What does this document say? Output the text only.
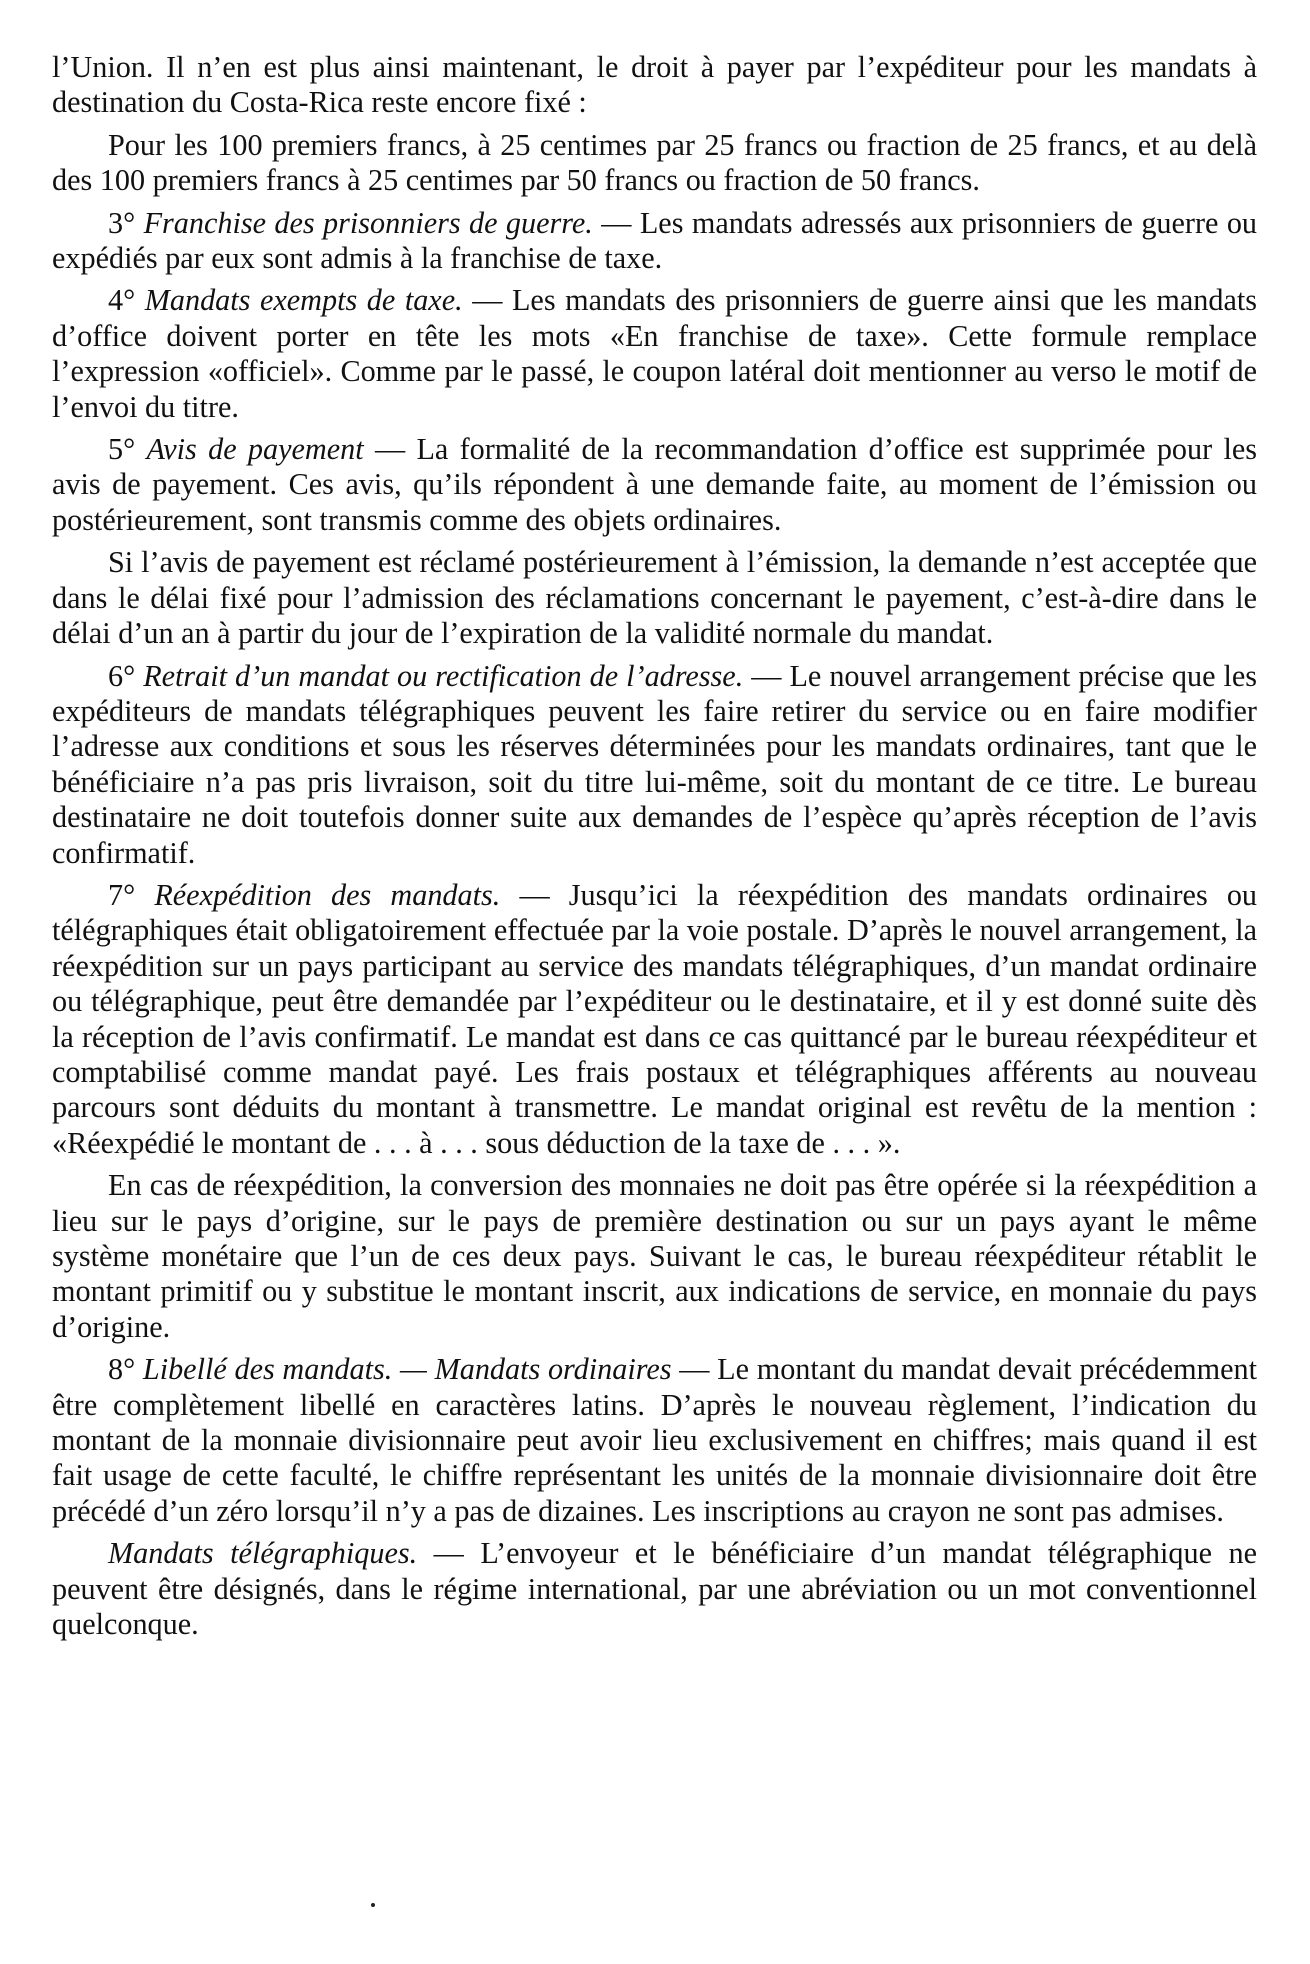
l’Union. Il n’en est plus ainsi maintenant, le droit à payer par l’expéditeur pour les mandats à destination du Costa-Rica reste encore fixé :

Pour les 100 premiers francs, à 25 centimes par 25 francs ou fraction de 25 francs, et au delà des 100 premiers francs à 25 centimes par 50 francs ou fraction de 50 francs.

3° Franchise des prisonniers de guerre. — Les mandats adressés aux prisonniers de guerre ou expédiés par eux sont admis à la franchise de taxe.

4° Mandats exempts de taxe. — Les mandats des prisonniers de guerre ainsi que les mandats d’office doivent porter en tête les mots «En franchise de taxe». Cette formule remplace l’expression «officiel». Comme par le passé, le coupon latéral doit mentionner au verso le motif de l’envoi du titre.

5° Avis de payement — La formalité de la recommandation d’office est supprimée pour les avis de payement. Ces avis, qu’ils répondent à une demande faite, au moment de l’émission ou postérieurement, sont transmis comme des objets ordinaires.

Si l’avis de payement est réclamé postérieurement à l’émission, la demande n’est acceptée que dans le délai fixé pour l’admission des réclamations concernant le payement, c’est-à-dire dans le délai d’un an à partir du jour de l’expiration de la validité normale du mandat.

6° Retrait d’un mandat ou rectification de l’adresse. — Le nouvel arrangement précise que les expéditeurs de mandats télégraphiques peuvent les faire retirer du service ou en faire modifier l’adresse aux conditions et sous les réserves déterminées pour les mandats ordinaires, tant que le bénéficiaire n’a pas pris livraison, soit du titre lui-même, soit du montant de ce titre. Le bureau destinataire ne doit toutefois donner suite aux demandes de l’espèce qu’après réception de l’avis confirmatif.

7° Réexpédition des mandats. — Jusqu’ici la réexpédition des mandats ordinaires ou télégraphiques était obligatoirement effectuée par la voie postale. D’après le nouvel arrangement, la réexpédition sur un pays participant au service des mandats télégraphiques, d’un mandat ordinaire ou télégraphique, peut être demandée par l’expéditeur ou le destinataire, et il y est donné suite dès la réception de l’avis confirmatif. Le mandat est dans ce cas quittancé par le bureau réexpéditeur et comptabilisé comme mandat payé. Les frais postaux et télégraphiques afférents au nouveau parcours sont déduits du montant à transmettre. Le mandat original est revêtu de la mention : «Réexpédié le montant de . . . à . . . sous déduction de la taxe de . . . ».

En cas de réexpédition, la conversion des monnaies ne doit pas être opérée si la réexpédition a lieu sur le pays d’origine, sur le pays de première destination ou sur un pays ayant le même système monétaire que l’un de ces deux pays. Suivant le cas, le bureau réexpéditeur rétablit le montant primitif ou y substitue le montant inscrit, aux indications de service, en monnaie du pays d’origine.

8° Libellé des mandats. — Mandats ordinaires — Le montant du mandat devait précédemment être complètement libellé en caractères latins. D’après le nouveau règlement, l’indication du montant de la monnaie divisionnaire peut avoir lieu exclusivement en chiffres; mais quand il est fait usage de cette faculté, le chiffre représentant les unités de la monnaie divisionnaire doit être précédé d’un zéro lorsqu’il n’y a pas de dizaines. Les inscriptions au crayon ne sont pas admises.

Mandats télégraphiques. — L’envoyeur et le bénéficiaire d’un mandat télégraphique ne peuvent être désignés, dans le régime international, par une abréviation ou un mot conventionnel quelconque.
